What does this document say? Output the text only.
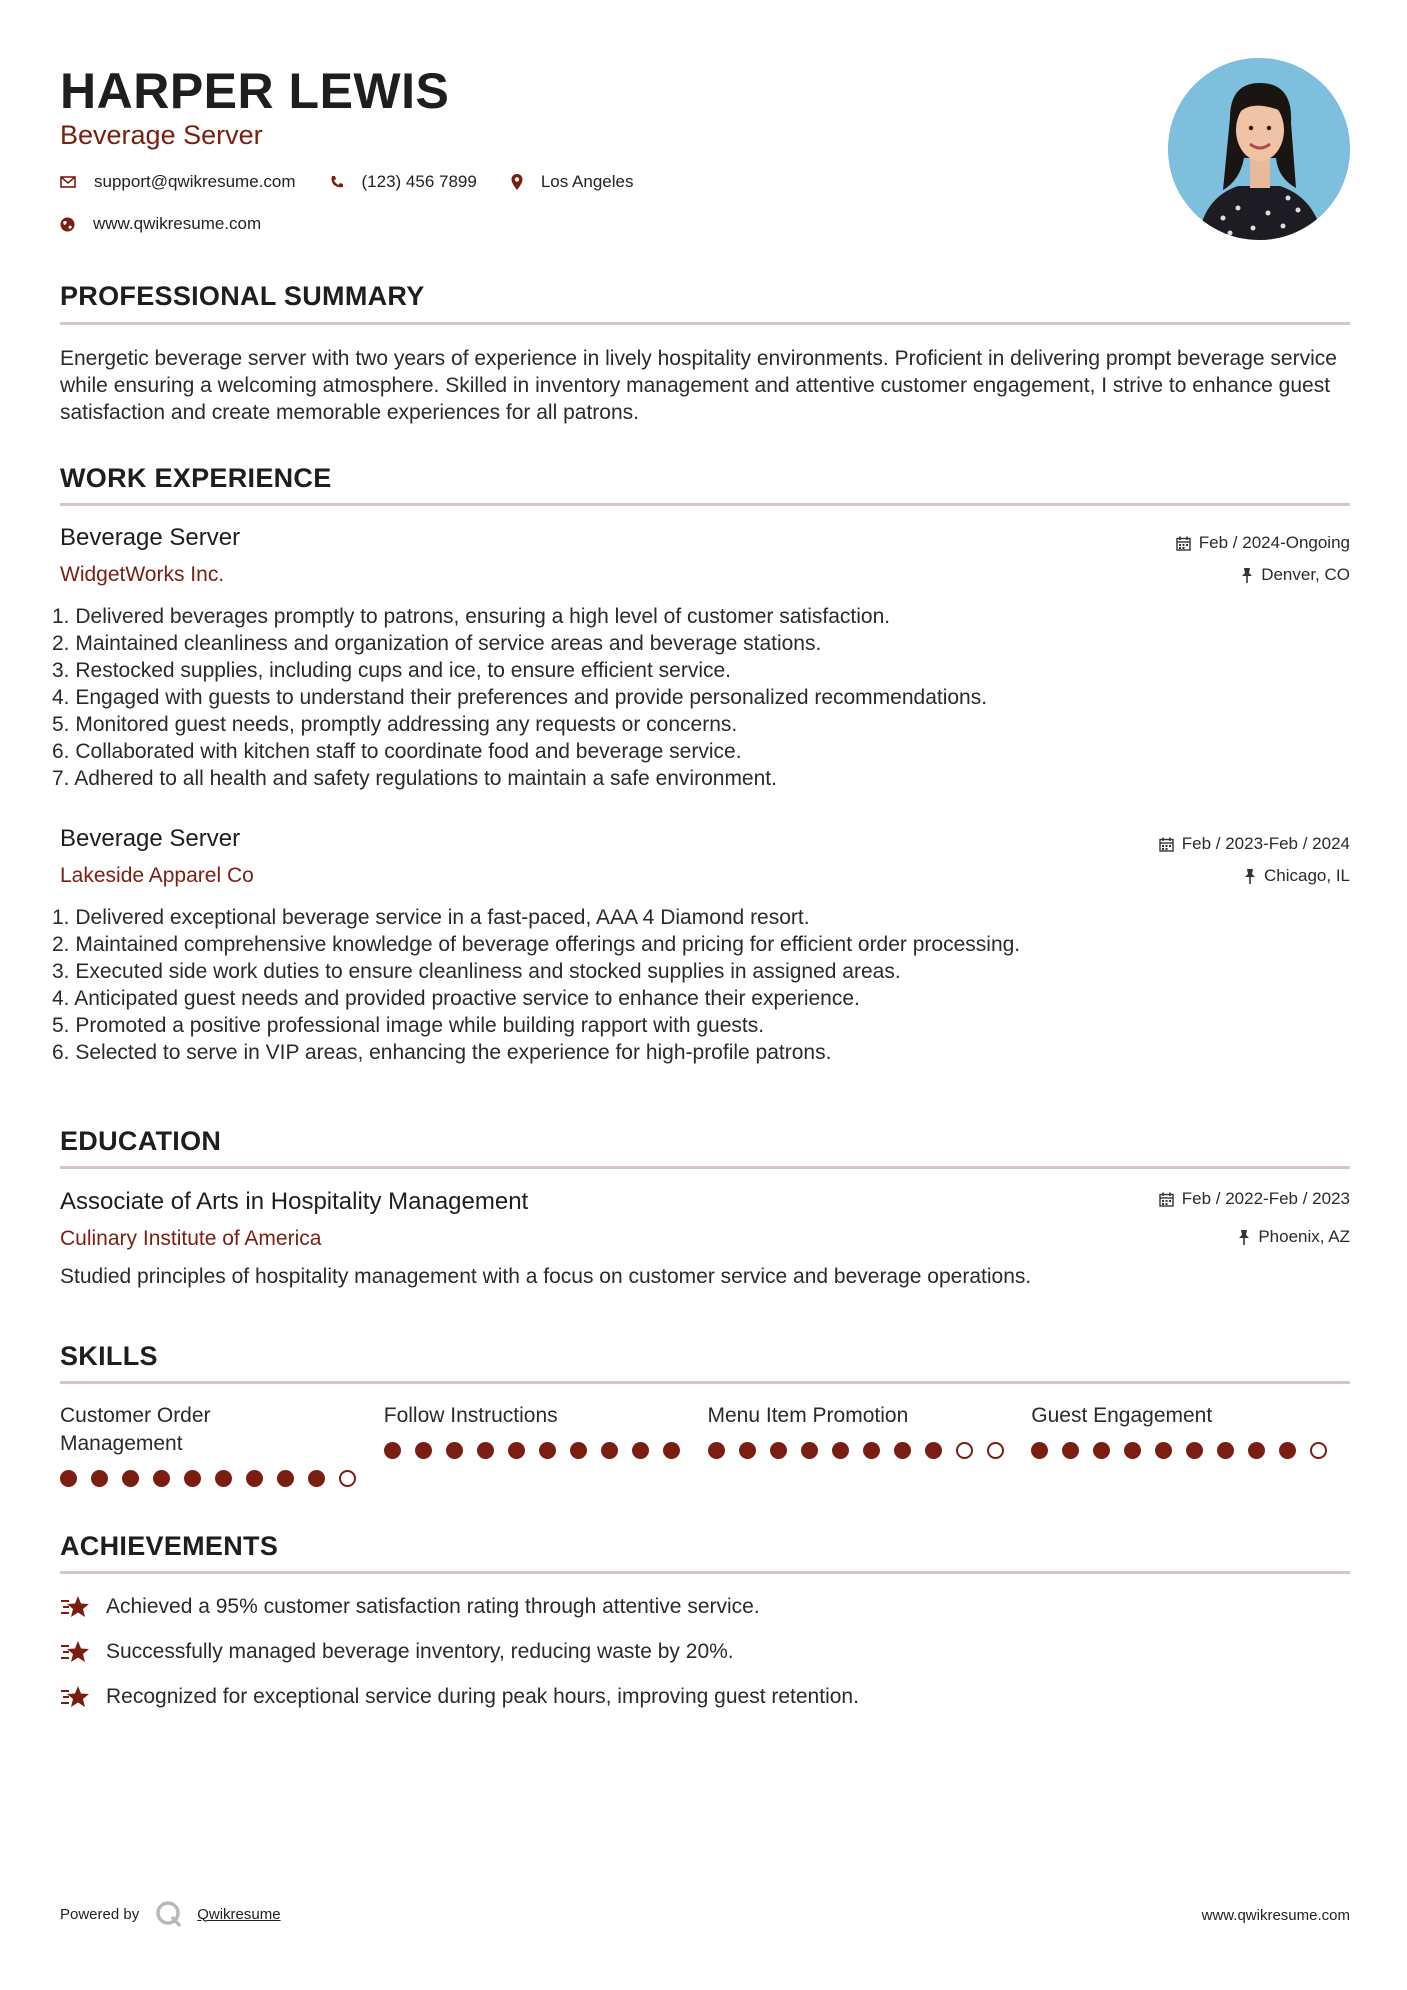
HARPER LEWIS
Beverage Server
support@qwikresume.com	(123) 456 7899	Los Angeles
www.qwikresume.com
PROFESSIONAL SUMMARY
Energetic beverage server with two years of experience in lively hospitality environments. Proficient in delivering prompt beverage service while ensuring a welcoming atmosphere. Skilled in inventory management and attentive customer engagement, I strive to enhance guest satisfaction and create memorable experiences for all patrons.
WORK EXPERIENCE
Beverage Server
WidgetWorks Inc.
Feb / 2024-Ongoing
Denver, CO
1. Delivered beverages promptly to patrons, ensuring a high level of customer satisfaction.
2. Maintained cleanliness and organization of service areas and beverage stations.
3. Restocked supplies, including cups and ice, to ensure efficient service.
4. Engaged with guests to understand their preferences and provide personalized recommendations.
5. Monitored guest needs, promptly addressing any requests or concerns.
6. Collaborated with kitchen staff to coordinate food and beverage service.
7. Adhered to all health and safety regulations to maintain a safe environment.
Beverage Server
Lakeside Apparel Co
Feb / 2023-Feb / 2024
Chicago, IL
1. Delivered exceptional beverage service in a fast-paced, AAA 4 Diamond resort.
2. Maintained comprehensive knowledge of beverage offerings and pricing for efficient order processing.
3. Executed side work duties to ensure cleanliness and stocked supplies in assigned areas.
4. Anticipated guest needs and provided proactive service to enhance their experience.
5. Promoted a positive professional image while building rapport with guests.
6. Selected to serve in VIP areas, enhancing the experience for high-profile patrons.
EDUCATION
Associate of Arts in Hospitality Management
Culinary Institute of America
Feb / 2022-Feb / 2023
Phoenix, AZ
Studied principles of hospitality management with a focus on customer service and beverage operations.
SKILLS
Customer Order Management
Follow Instructions	Menu Item Promotion	Guest Engagement
ACHIEVEMENTS
Achieved a 95% customer satisfaction rating through attentive service.
Successfully managed beverage inventory, reducing waste by 20%.
Recognized for exceptional service during peak hours, improving guest retention.
Powered by	Qwikresume	www.qwikresume.com
